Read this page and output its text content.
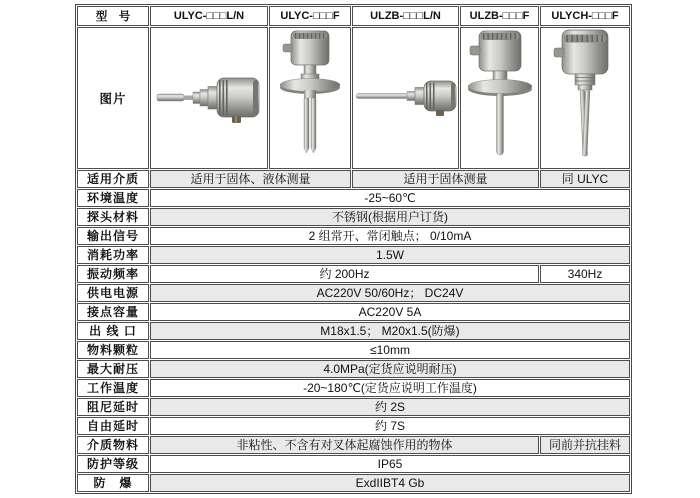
型　号	ULYC-□□□L/N	ULYC-□□□F	ULZB-□□□L/N	ULZB-□□□F	ULYCH-□□□F
图片	

适用介质	适用于固体、液体测量		适用于固体测量		同 ULYC
环境温度	-25~60℃				
探头材料	不锈钢(根据用户订货)				
输出信号	2 组常开、常闭触点； 0/10mA				
消耗功率	1.5W				
振动频率	约 200Hz				340Hz
供电电源	AC220V 50/60Hz； DC24V				
接点容量	AC220V 5A				
出 线 口	M18x1.5； M20x1.5(防爆)				
物料颗粒	≤10mm				
最大耐压	4.0MPa(定货应说明耐压)				
工作温度	-20~180℃(定货应说明工作温度)				
阻尼延时	约 2S				
自由延时	约 7S				
介质物料	非粘性、不含有对叉体起腐蚀作用的物体				同前并抗挂料
防护等级	IP65				
防　爆	ExdIIBT4 Gb				
